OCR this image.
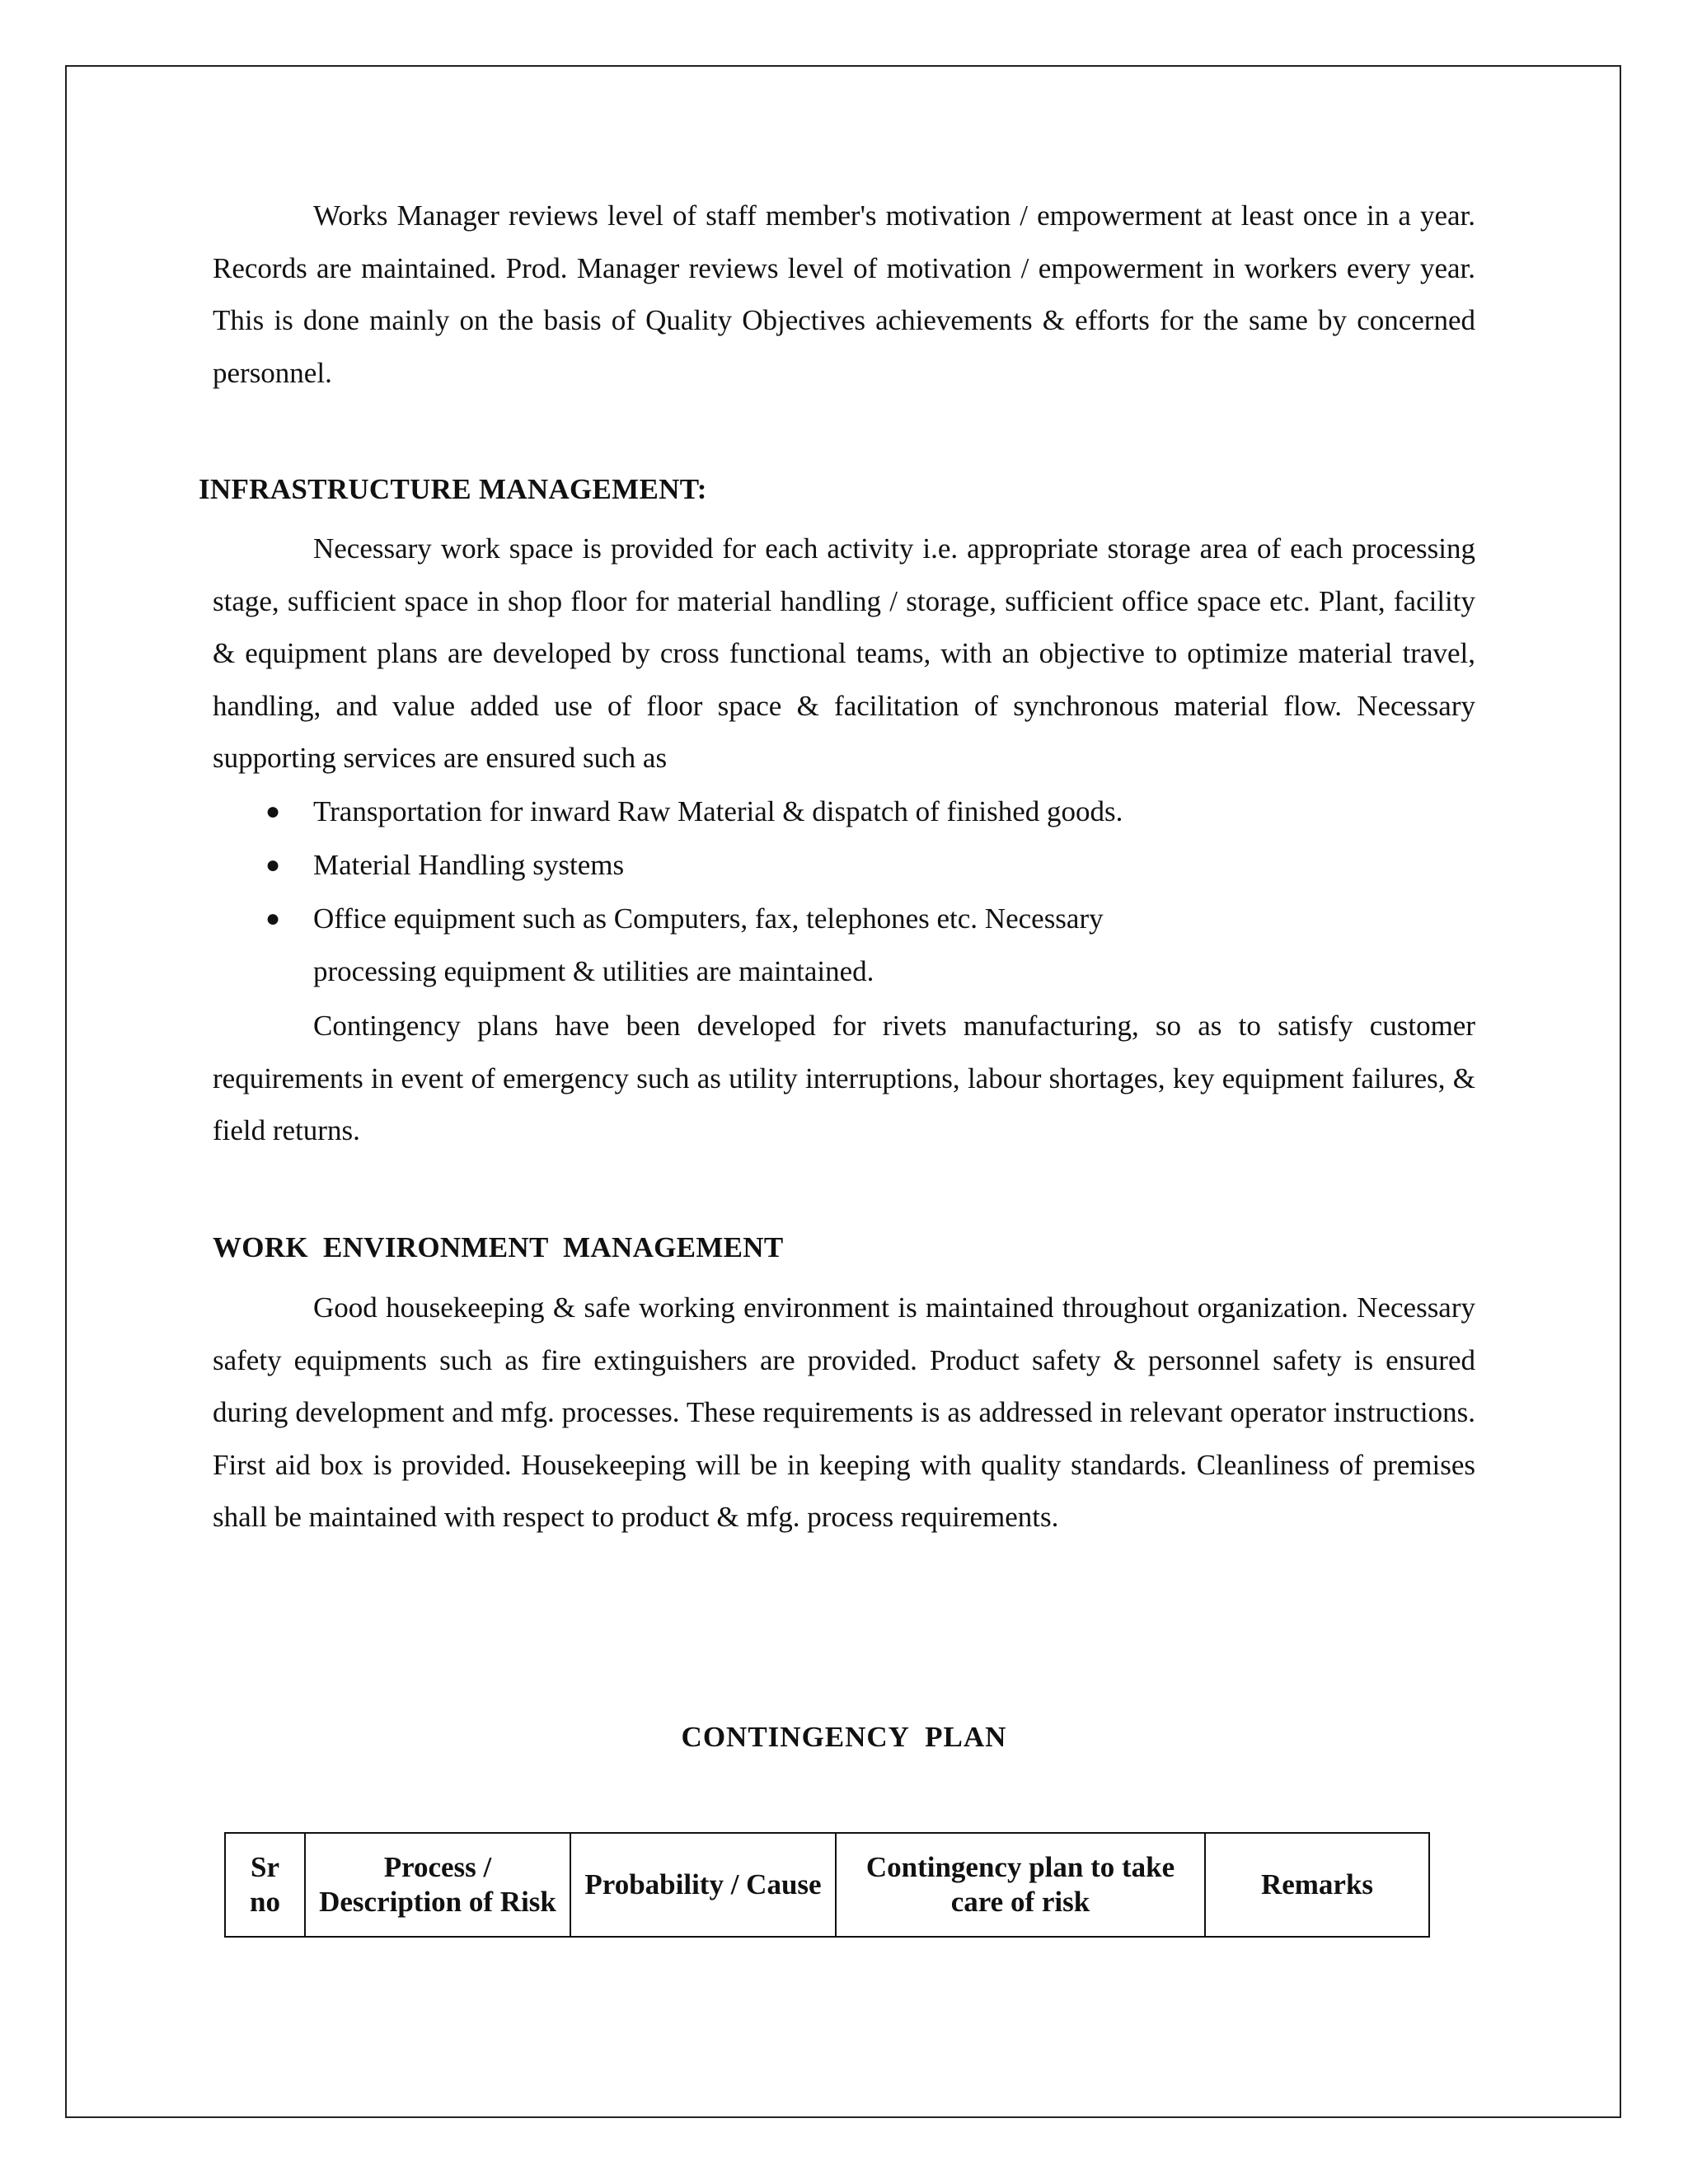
Works Manager reviews level of staff member's motivation / empowerment at least once in a year. Records are maintained. Prod. Manager reviews level of motivation / empowerment in workers every year. This is done mainly on the basis of Quality Objectives achievements & efforts for the same by concerned personnel.

INFRASTRUCTURE MANAGEMENT:

Necessary work space is provided for each activity i.e. appropriate storage area of each processing stage, sufficient space in shop floor for material handling / storage, sufficient office space etc. Plant, facility & equipment plans are developed by cross functional teams, with an objective to optimize material travel, handling, and value added use of floor space & facilitation of synchronous material flow. Necessary supporting services are ensured such as

● Transportation for inward Raw Material & dispatch of finished goods.
● Material Handling systems
● Office equipment such as Computers, fax, telephones etc. Necessary processing equipment & utilities are maintained.

Contingency plans have been developed for rivets manufacturing, so as to satisfy customer requirements in event of emergency such as utility interruptions, labour shortages, key equipment failures, & field returns.

WORK  ENVIRONMENT  MANAGEMENT

Good housekeeping & safe working environment is maintained throughout organization. Necessary safety equipments such as fire extinguishers are provided. Product safety & personnel safety is ensured during development and mfg. processes. These requirements is as addressed in relevant operator instructions. First aid box is provided. Housekeeping will be in keeping with quality standards. Cleanliness of premises shall be maintained with respect to product & mfg. process requirements.

CONTINGENCY  PLAN

Sr no	Process / Description of Risk	Probability / Cause	Contingency plan to take care of risk	Remarks
